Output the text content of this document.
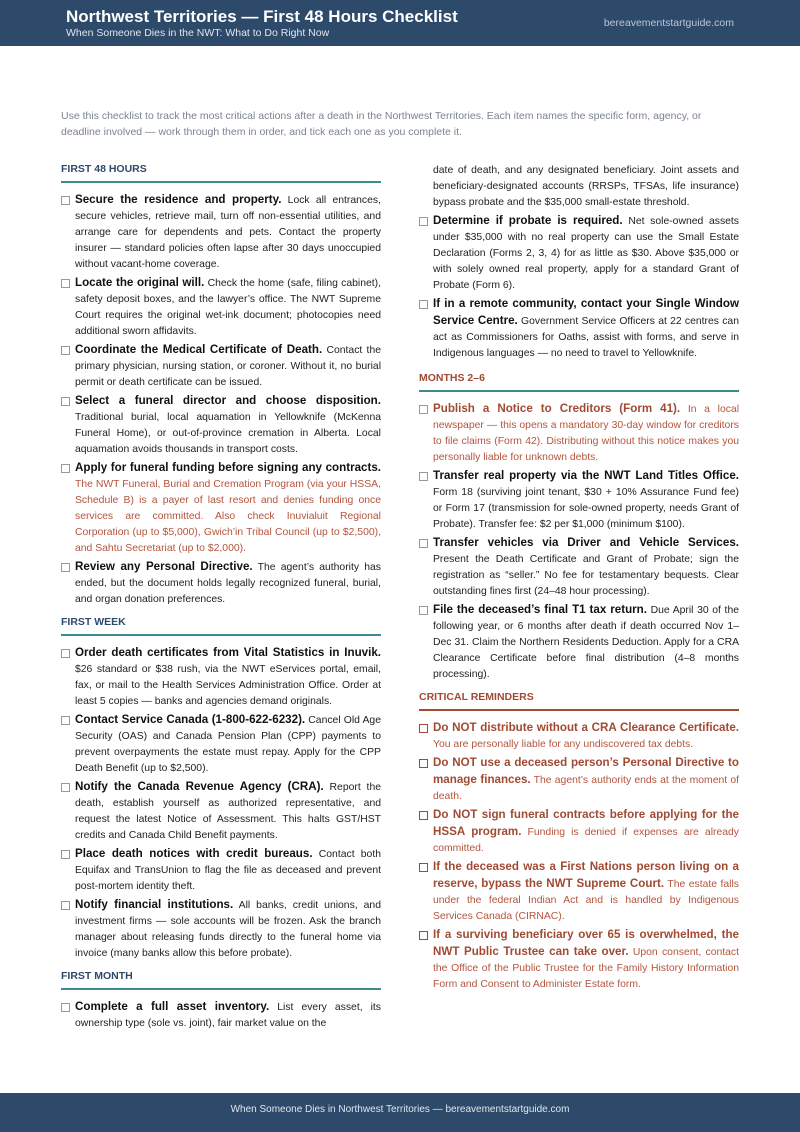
Northwest Territories — First 48 Hours Checklist
When Someone Dies in the NWT: What to Do Right Now
bereavementstartguide.com
Use this checklist to track the most critical actions after a death in the Northwest Territories. Each item names the specific form, agency, or deadline involved — work through them in order, and tick each one as you complete it.
FIRST 48 HOURS
Secure the residence and property. Lock all entrances, secure vehicles, retrieve mail, turn off non-essential utilities, and arrange care for dependents and pets. Contact the property insurer — standard policies often lapse after 30 days unoccupied without vacant-home coverage.
Locate the original will. Check the home (safe, filing cabinet), safety deposit boxes, and the lawyer’s office. The NWT Supreme Court requires the original wet-ink document; photocopies need additional sworn affidavits.
Coordinate the Medical Certificate of Death. Contact the primary physician, nursing station, or coroner. Without it, no burial permit or death certificate can be issued.
Select a funeral director and choose disposition. Traditional burial, local aquamation in Yellowknife (McKenna Funeral Home), or out-of-province cremation in Alberta. Local aquamation avoids thousands in transport costs.
Apply for funeral funding before signing any contracts. The NWT Funeral, Burial and Cremation Program (via your HSSA, Schedule B) is a payer of last resort and denies funding once services are committed. Also check Inuvialuit Regional Corporation (up to $5,000), Gwich’in Tribal Council (up to $2,500), and Sahtu Secretariat (up to $2,000).
Review any Personal Directive. The agent’s authority has ended, but the document holds legally recognized funeral, burial, and organ donation preferences.
FIRST WEEK
Order death certificates from Vital Statistics in Inuvik. $26 standard or $38 rush, via the NWT eServices portal, email, fax, or mail to the Health Services Administration Office. Order at least 5 copies — banks and agencies demand originals.
Contact Service Canada (1-800-622-6232). Cancel Old Age Security (OAS) and Canada Pension Plan (CPP) payments to prevent overpayments the estate must repay. Apply for the CPP Death Benefit (up to $2,500).
Notify the Canada Revenue Agency (CRA). Report the death, establish yourself as authorized representative, and request the latest Notice of Assessment. This halts GST/HST credits and Canada Child Benefit payments.
Place death notices with credit bureaus. Contact both Equifax and TransUnion to flag the file as deceased and prevent post-mortem identity theft.
Notify financial institutions. All banks, credit unions, and investment firms — sole accounts will be frozen. Ask the branch manager about releasing funds directly to the funeral home via invoice (many banks allow this before probate).
FIRST MONTH
Complete a full asset inventory. List every asset, its ownership type (sole vs. joint), fair market value on the
date of death, and any designated beneficiary. Joint assets and beneficiary-designated accounts (RRSPs, TFSAs, life insurance) bypass probate and the $35,000 small-estate threshold.
Determine if probate is required. Net sole-owned assets under $35,000 with no real property can use the Small Estate Declaration (Forms 2, 3, 4) for as little as $30. Above $35,000 or with solely owned real property, apply for a standard Grant of Probate (Form 6).
If in a remote community, contact your Single Window Service Centre. Government Service Officers at 22 centres can act as Commissioners for Oaths, assist with forms, and serve in Indigenous languages — no need to travel to Yellowknife.
MONTHS 2–6
Publish a Notice to Creditors (Form 41). In a local newspaper — this opens a mandatory 30-day window for creditors to file claims (Form 42). Distributing without this notice makes you personally liable for unknown debts.
Transfer real property via the NWT Land Titles Office. Form 18 (surviving joint tenant, $30 + 10% Assurance Fund fee) or Form 17 (transmission for sole-owned property, needs Grant of Probate). Transfer fee: $2 per $1,000 (minimum $100).
Transfer vehicles via Driver and Vehicle Services. Present the Death Certificate and Grant of Probate; sign the registration as “seller.” No fee for testamentary bequests. Clear outstanding fines first (24–48 hour processing).
File the deceased’s final T1 tax return. Due April 30 of the following year, or 6 months after death if death occurred Nov 1–Dec 31. Claim the Northern Residents Deduction. Apply for a CRA Clearance Certificate before final distribution (4–8 months processing).
CRITICAL REMINDERS
Do NOT distribute without a CRA Clearance Certificate. You are personally liable for any undiscovered tax debts.
Do NOT use a deceased person’s Personal Directive to manage finances. The agent’s authority ends at the moment of death.
Do NOT sign funeral contracts before applying for the HSSA program. Funding is denied if expenses are already committed.
If the deceased was a First Nations person living on a reserve, bypass the NWT Supreme Court. The estate falls under the federal Indian Act and is handled by Indigenous Services Canada (CIRNAC).
If a surviving beneficiary over 65 is overwhelmed, the NWT Public Trustee can take over. Upon consent, contact the Office of the Public Trustee for the Family History Information Form and Consent to Administer Estate form.
When Someone Dies in Northwest Territories — bereavementstartguide.com
